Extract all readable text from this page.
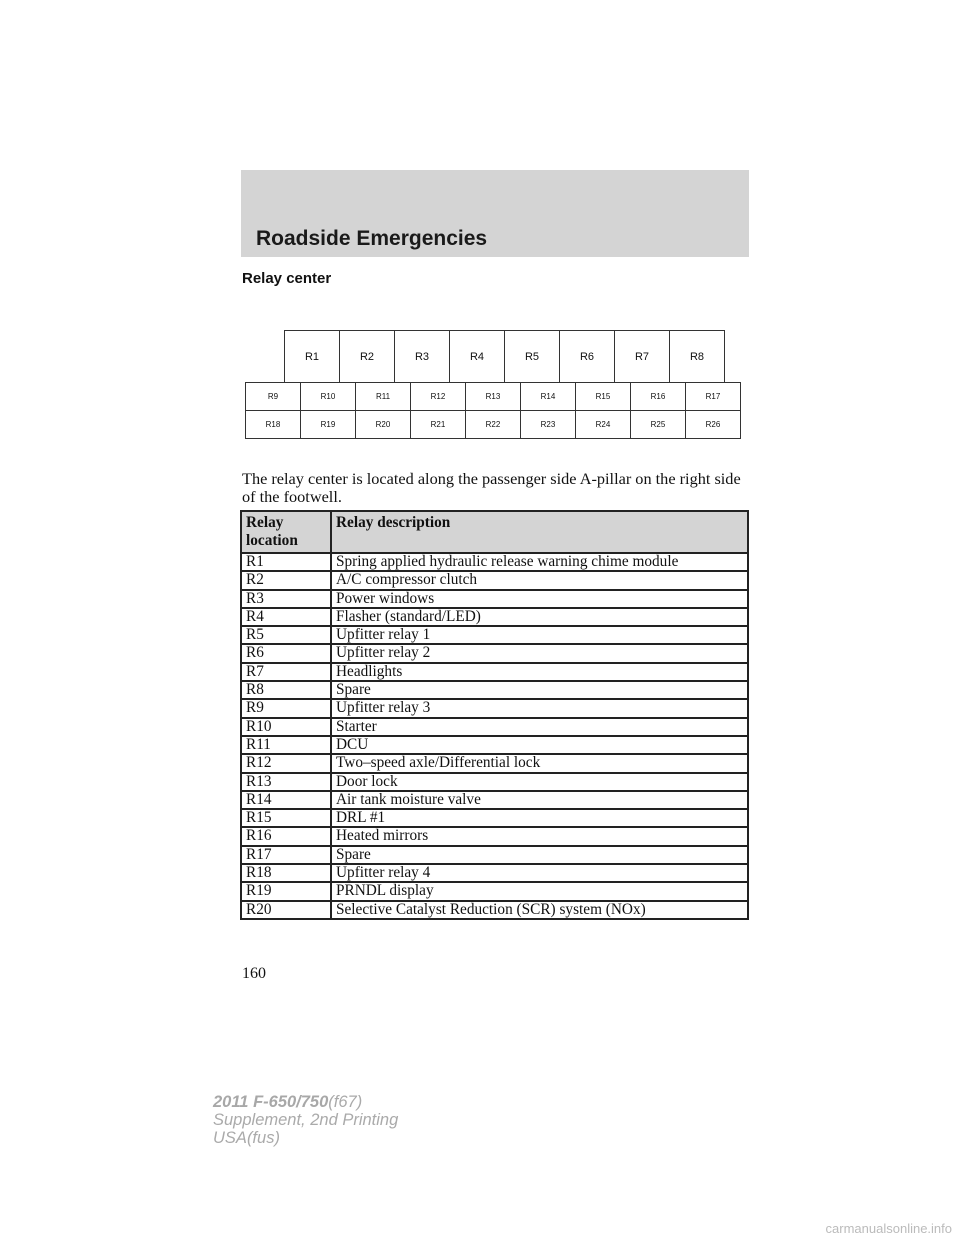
Roadside Emergencies
Relay center
R1	R2	R3	R4	R5	R6	R7	R8
R9	R10	R11	R12	R13	R14	R15	R16	R17
R18	R19	R20	R21	R22	R23	R24	R25	R26
The relay center is located along the passenger side A-pillar on the right side of the footwell.
Relay location	Relay description
R1	Spring applied hydraulic release warning chime module
R2	A/C compressor clutch
R3	Power windows
R4	Flasher (standard/LED)
R5	Upfitter relay 1
R6	Upfitter relay 2
R7	Headlights
R8	Spare
R9	Upfitter relay 3
R10	Starter
R11	DCU
R12	Two–speed axle/Differential lock
R13	Door lock
R14	Air tank moisture valve
R15	DRL #1
R16	Heated mirrors
R17	Spare
R18	Upfitter relay 4
R19	PRNDL display
R20	Selective Catalyst Reduction (SCR) system (NOx)
160
2011 F-650/750(f67)
Supplement, 2nd Printing
USA(fus)
carmanualsonline.info
